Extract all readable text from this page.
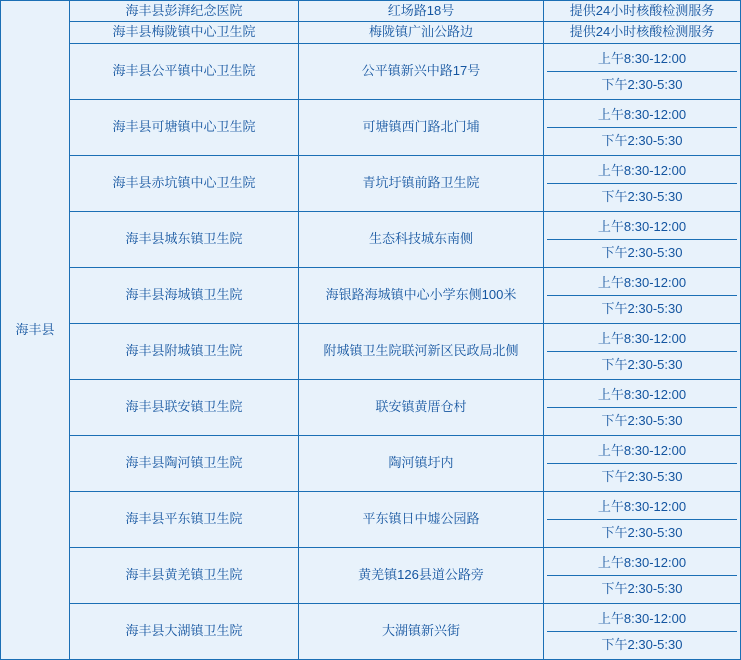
海丰县	海丰县彭湃纪念医院	红场路18号	提供24小时核酸检测服务
	海丰县梅陇镇中心卫生院	梅陇镇广汕公路边	提供24小时核酸检测服务
	海丰县公平镇中心卫生院	公平镇新兴中路17号	上午8:30-12:00
下午2:30-5:30

	海丰县可塘镇中心卫生院	可塘镇西门路北门埔	上午8:30-12:00
下午2:30-5:30

	海丰县赤坑镇中心卫生院	青坑圩镇前路卫生院	上午8:30-12:00
下午2:30-5:30

	海丰县城东镇卫生院	生态科技城东南侧	上午8:30-12:00
下午2:30-5:30

	海丰县海城镇卫生院	海银路海城镇中心小学东侧100米	上午8:30-12:00
下午2:30-5:30

	海丰县附城镇卫生院	附城镇卫生院联河新区民政局北侧	上午8:30-12:00
下午2:30-5:30

	海丰县联安镇卫生院	联安镇黄厝仓村	上午8:30-12:00
下午2:30-5:30

	海丰县陶河镇卫生院	陶河镇圩内	上午8:30-12:00
下午2:30-5:30

	海丰县平东镇卫生院	平东镇日中墟公园路	上午8:30-12:00
下午2:30-5:30

	海丰县黄羌镇卫生院	黄羌镇126县道公路旁	上午8:30-12:00
下午2:30-5:30

	海丰县大湖镇卫生院	大湖镇新兴街	上午8:30-12:00
下午2:30-5:30
